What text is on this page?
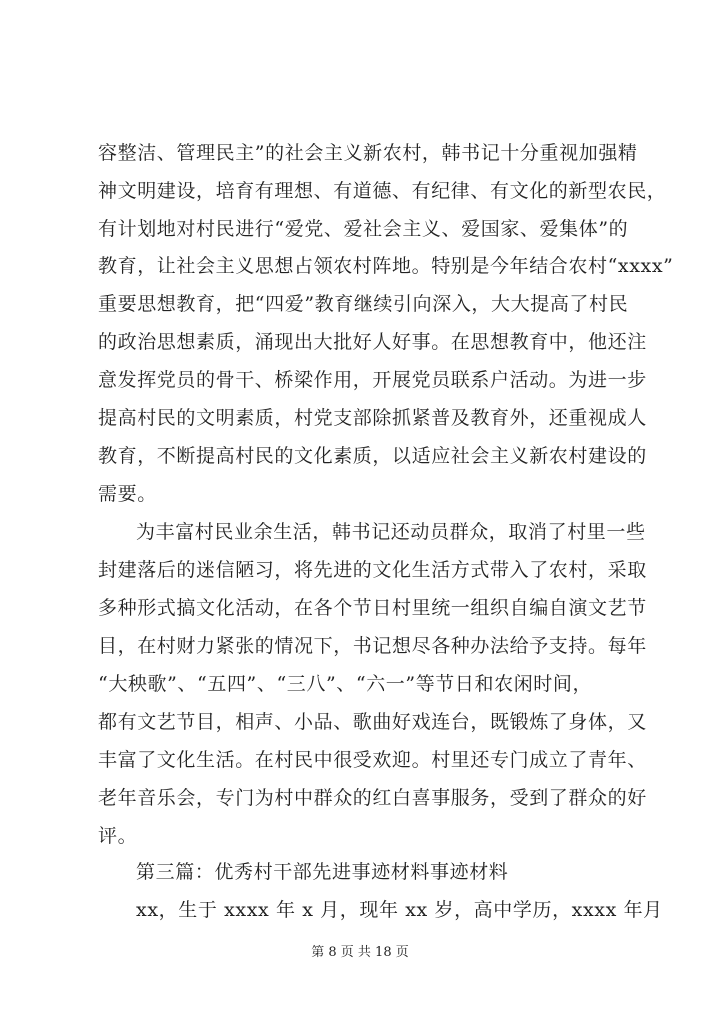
容整洁、管理民主”的社会主义新农村，韩书记十分重视加强精
神文明建设，培育有理想、有道德、有纪律、有文化的新型农民，
有计划地对村民进行“爱党、爱社会主义、爱国家、爱集体”的
教育，让社会主义思想占领农村阵地。特别是今年结合农村“xxxx”
重要思想教育，把“四爱”教育继续引向深入，大大提高了村民
的政治思想素质，涌现出大批好人好事。在思想教育中，他还注
意发挥党员的骨干、桥梁作用，开展党员联系户活动。为进一步
提高村民的文明素质，村党支部除抓紧普及教育外，还重视成人
教育，不断提高村民的文化素质，以适应社会主义新农村建设的
需要。
为丰富村民业余生活，韩书记还动员群众，取消了村里一些
封建落后的迷信陋习，将先进的文化生活方式带入了农村，采取
多种形式搞文化活动，在各个节日村里统一组织自编自演文艺节
目，在村财力紧张的情况下，书记想尽各种办法给予支持。每年
“大秧歌”、“五四”、“三八”、“六一”等节日和农闲时间，
都有文艺节目，相声、小品、歌曲好戏连台，既锻炼了身体，又
丰富了文化生活。在村民中很受欢迎。村里还专门成立了青年、
老年音乐会，专门为村中群众的红白喜事服务，受到了群众的好
评。
第三篇：优秀村干部先进事迹材料事迹材料
xx，生于 xxxx 年 x 月，现年 xx 岁，高中学历，xxxx 年月
第 8 页 共 18 页
